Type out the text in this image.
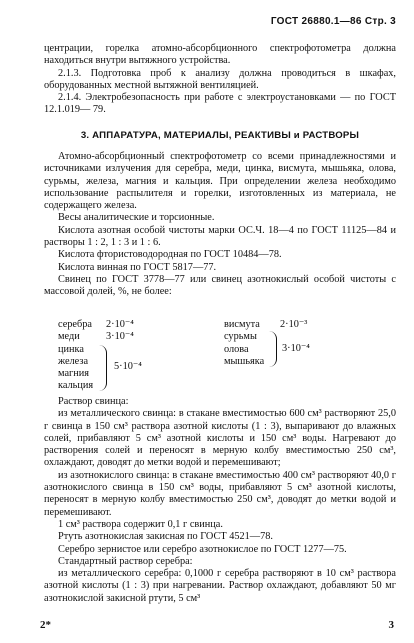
ГОСТ 26880.1—86 Стр. 3

центрации, горелка атомно-абсорбционного спектрофотометра должна находиться внутри вытяжного устройства.

2.1.3. Подготовка проб к анализу должна проводиться в шкафах, оборудованных местной вытяжной вентиляцией.

2.1.4. Электробезопасность при работе с электроустановками — по ГОСТ 12.1.019— 79.

3. АППАРАТУРА, МАТЕРИАЛЫ, РЕАКТИВЫ и РАСТВОРЫ

Атомно-абсорбционный спектрофотометр со всеми принадлежностями и источниками излучения для серебра, меди, цинка, висмута, мышьяка, олова, сурьмы, железа, магния и кальция. При определении железа необходимо использование распылителя и горелки, изготовленных из материала, не содержащего железа.

Весы аналитические и торсионные.

Кислота азотная особой чистоты марки ОС.Ч. 18—4 по ГОСТ 11125—84 и растворы 1 : 2, 1 : 3 и 1 : 6.

Кислота фтористоводородная по ГОСТ 10484—78.

Кислота винная по ГОСТ 5817—77.

Свинец по ГОСТ 3778—77 или свинец азотнокислый особой чистоты с массовой долей, %, не более:

серебра 2·10⁻⁴
меди	3·10⁻⁴
цинка
железа
магния
кальция
5·10⁻⁴
висмута 2·10⁻³
сурьмы
олова
мышьяка
3·10⁻⁴

Раствор свинца:

из металлического свинца: в стакане вместимостью 600 см³ растворяют 25,0 г свинца в 150 см³ раствора азотной кислоты (1 : 3), выпаривают до влажных солей, прибавляют 5 см³ азотной кислоты и 150 см³ воды. Нагревают до растворения солей и переносят в мерную колбу вместимостью 250 см³, охлаждают, доводят до метки водой и перемешивают;

из азотнокислого свинца: в стакане вместимостью 400 см³ растворяют 40,0 г азотнокислого свинца в 150 см³ воды, прибавляют 5 см³ азотной кислоты, переносят в мерную колбу вместимостью 250 см³, доводят до метки водой и перемешивают.

1 см³ раствора содержит 0,1 г свинца.

Ртуть азотнокислая закисная по ГОСТ 4521—78.

Серебро зернистое или серебро азотнокислое по ГОСТ 1277—75.

Стандартный раствор серебра:

из металлического серебра: 0,1000 г серебра растворяют в 10 см³ раствора азотной кислоты (1 : 3) при нагревании. Раствор охлаждают, добавляют 50 мг азотнокислой закисной ртути, 5 см³

2*	3
